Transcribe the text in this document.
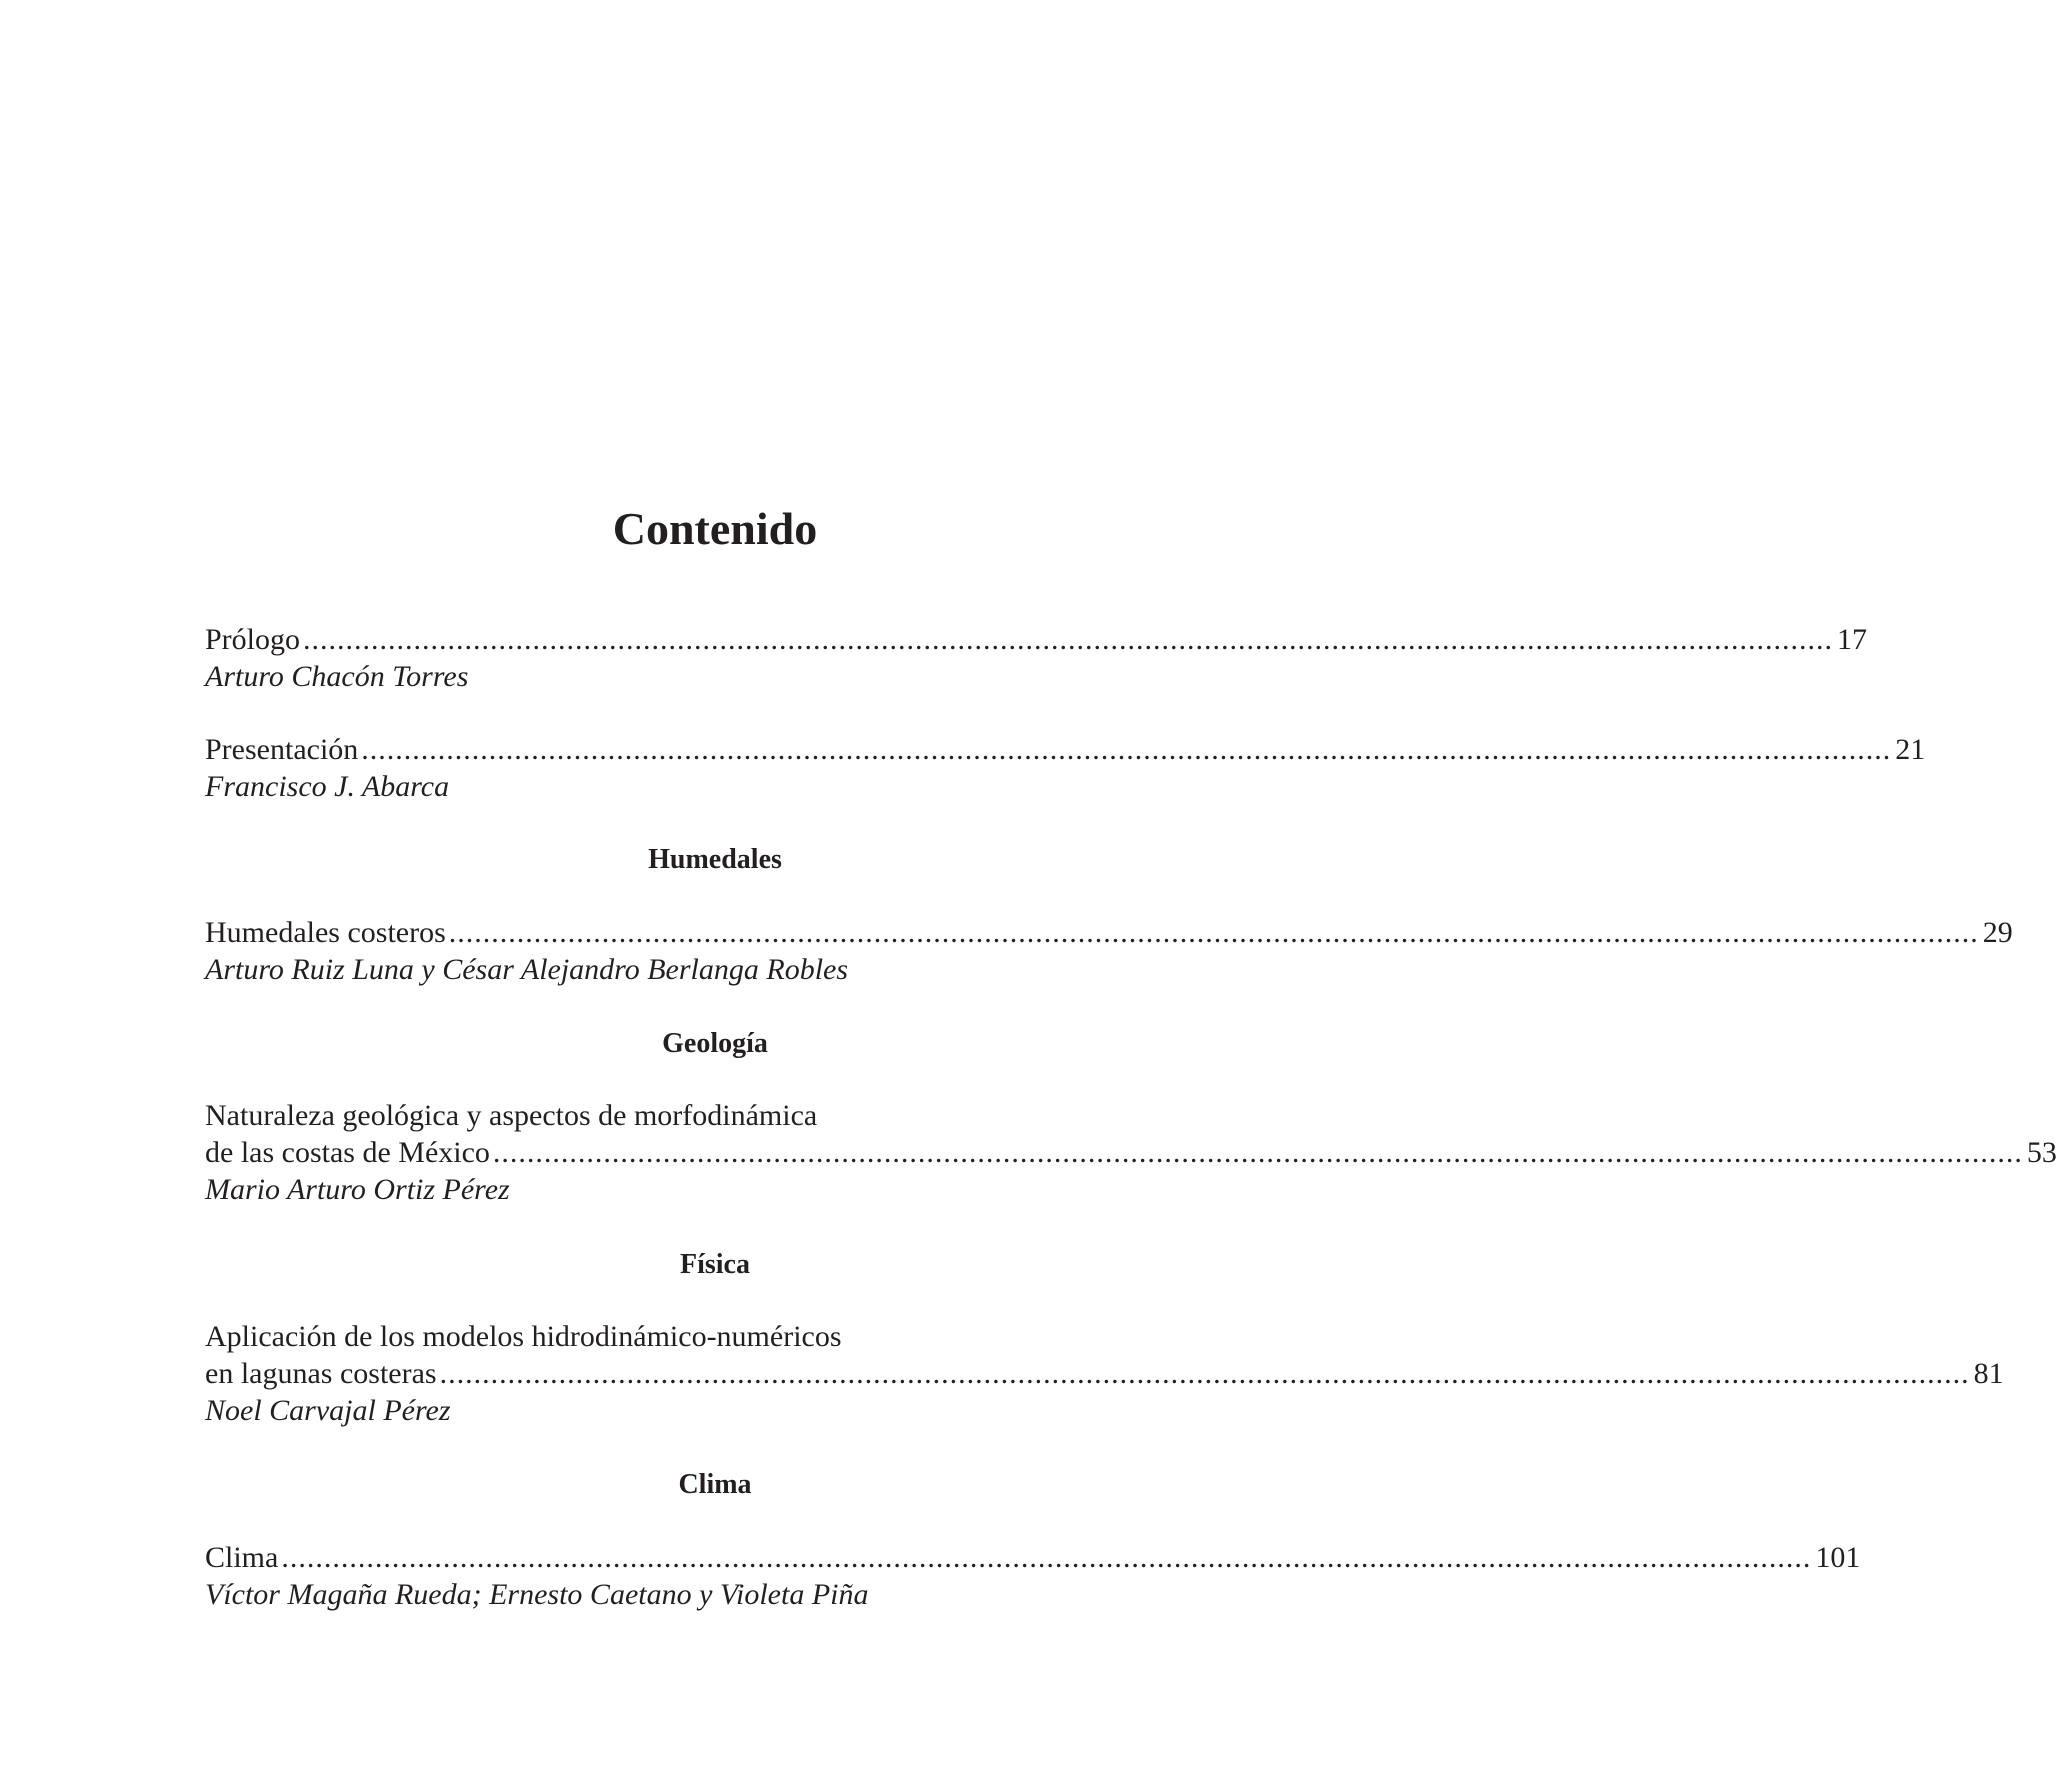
Contenido
Prólogo .................................................................................................................................................................................... 17
Arturo Chacón Torres
Presentación .................................................................................................................................................................................... 21
Francisco J. Abarca
Humedales
Humedales costeros .................................................................................................................................................................................... 29
Arturo Ruiz Luna y César Alejandro Berlanga Robles
Geología
Naturaleza geológica y aspectos de morfodinámica
de las costas de México .................................................................................................................................................................................... 53
Mario Arturo Ortiz Pérez
Física
Aplicación de los modelos hidrodinámico-numéricos
en lagunas costeras .................................................................................................................................................................................... 81
Noel Carvajal Pérez
Clima
Clima .................................................................................................................................................................................... 101
Víctor Magaña Rueda; Ernesto Caetano y Violeta Piña
